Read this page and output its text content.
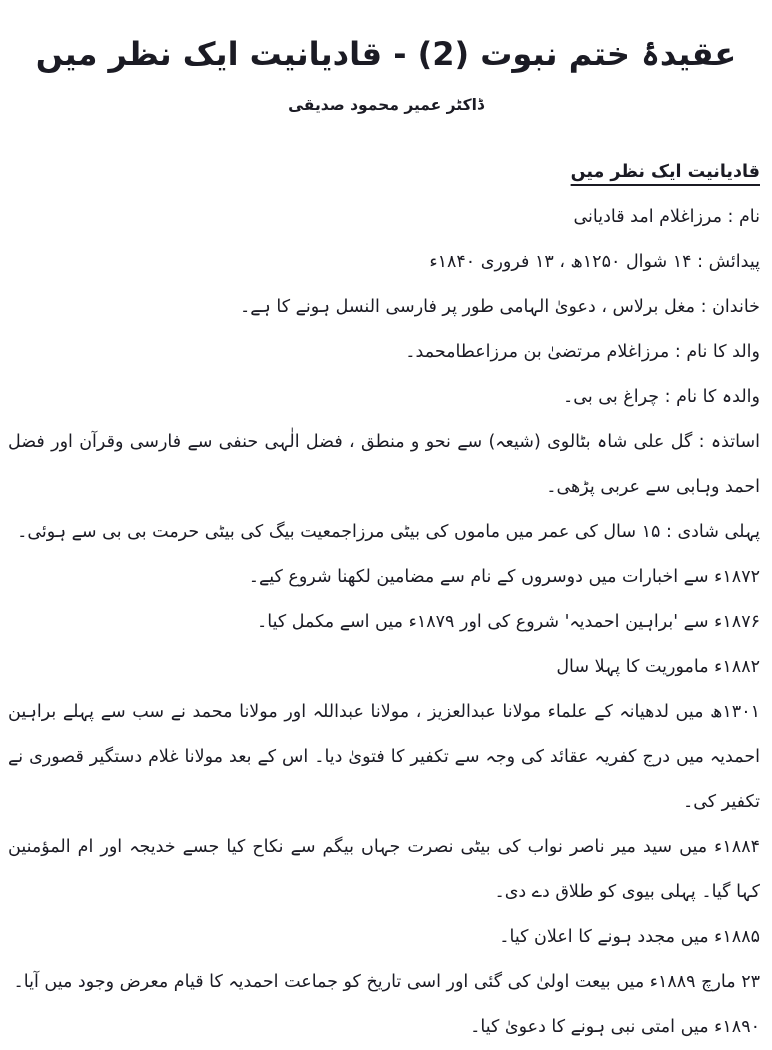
عقیدۂ ختم نبوت (2) - قادیانیت ایک نظر میں
ڈاکٹر عمیر محمود صدیقی

قادیانیت ایک نظر میں

نام : مرزاغلام امد قادیانی

پیدائش : ۱۴ شوال ۱۲۵۰ھ ، ۱۳ فروری ۱۸۴۰ء

خاندان : مغل برلاس ، دعویٰ الہامی طور پر فارسی النسل ہونے کا ہے۔

والد کا نام : مرزاغلام مرتضیٰ بن مرزاعطامحمد۔

والدہ کا نام : چراغ بی بی۔

اساتذہ : گل علی شاہ بٹالوی (شیعہ) سے نحو و منطق ، فضل الٰہی حنفی سے فارسی وقرآن اور فضل احمد وہابی سے عربی پڑھی۔

پہلی شادی : ۱۵ سال کی عمر میں ماموں کی بیٹی مرزاجمعیت بیگ کی بیٹی حرمت بی بی سے ہوئی۔

۱۸۷۲ء سے اخبارات میں دوسروں کے نام سے مضامین لکھنا شروع کیے۔

۱۸۷۶ء سے 'براہین احمدیہ' شروع کی اور ۱۸۷۹ء میں اسے مکمل کیا۔

۱۸۸۲ء ماموریت کا پہلا سال

۱۳۰۱ھ میں لدھیانہ کے علماء مولانا عبدالعزیز ، مولانا عبداللہ اور مولانا محمد نے سب سے پہلے براہین احمدیہ میں درج کفریہ عقائد کی وجہ سے تکفیر کا فتویٰ دیا۔ اس کے بعد مولانا غلام دستگیر قصوری نے تکفیر کی۔

۱۸۸۴ء میں سید میر ناصر نواب کی بیٹی نصرت جہاں بیگم سے نکاح کیا جسے خدیجہ اور ام المؤمنین کہا گیا۔ پہلی بیوی کو طلاق دے دی۔

۱۸۸۵ء میں مجدد ہونے کا اعلان کیا۔

۲۳ مارچ ۱۸۸۹ء میں بیعت اولیٰ کی گئی اور اسی تاریخ کو جماعت احمدیہ کا قیام معرض وجود میں آیا۔

۱۸۹۰ء میں امتی نبی ہونے کا دعویٰ کیا۔
